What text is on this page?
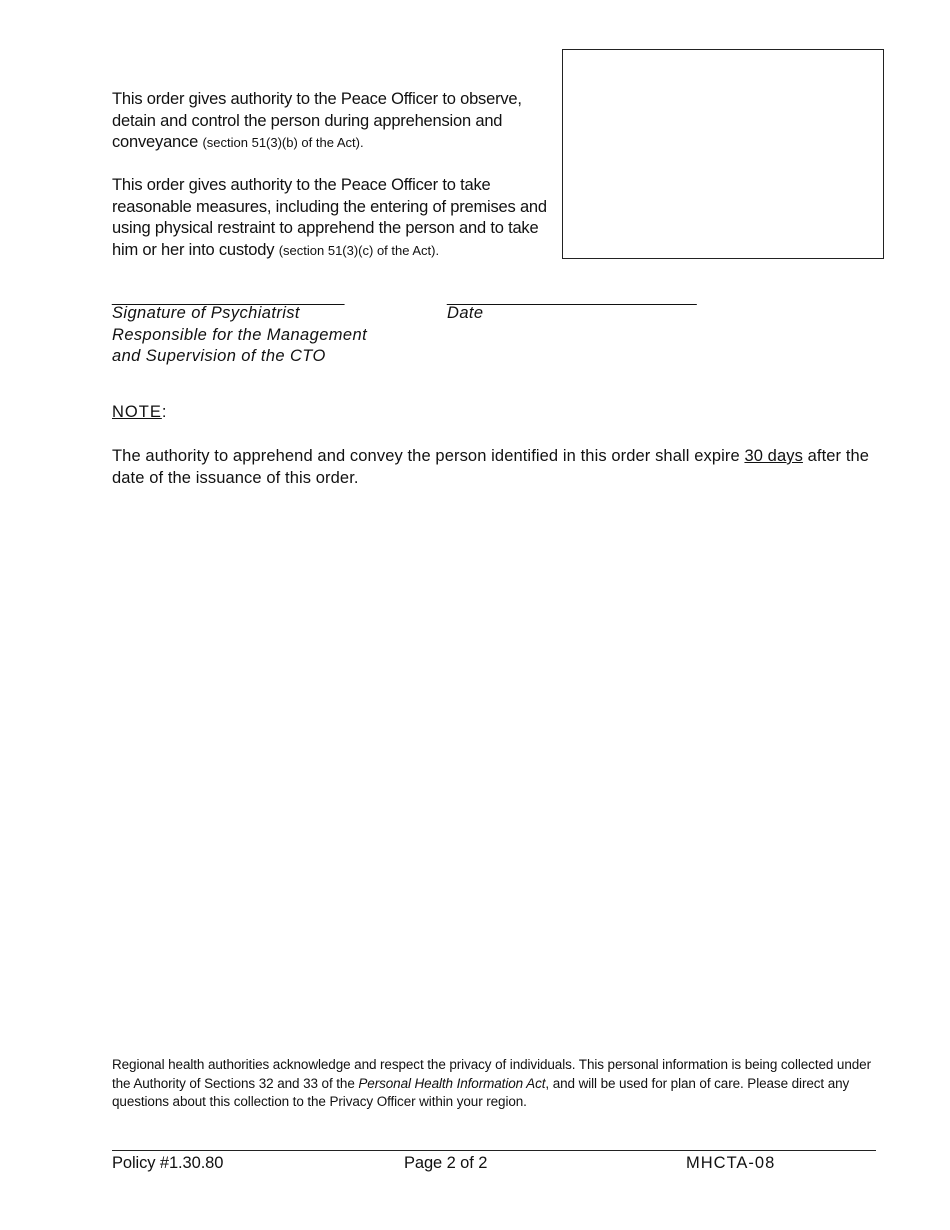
This order gives authority to the Peace Officer to observe, detain and control the person during apprehension and conveyance (section 51(3)(b) of the Act).
This order gives authority to the Peace Officer to take reasonable measures, including the entering of premises and using physical restraint to apprehend the person and to take him or her into custody (section 51(3)(c) of the Act).
___________________________	_____________________________
Signature of Psychiatrist
Responsible for the Management
and Supervision of the CTO
Date
NOTE:
The authority to apprehend and convey the person identified in this order shall expire 30 days after the date of the issuance of this order.
Regional health authorities acknowledge and respect the privacy of individuals. This personal information is being collected under the Authority of Sections 32 and 33 of the Personal Health Information Act, and will be used for plan of care. Please direct any questions about this collection to the Privacy Officer within your region.
Policy #1.30.80	Page 2 of 2	MHCTA-08
